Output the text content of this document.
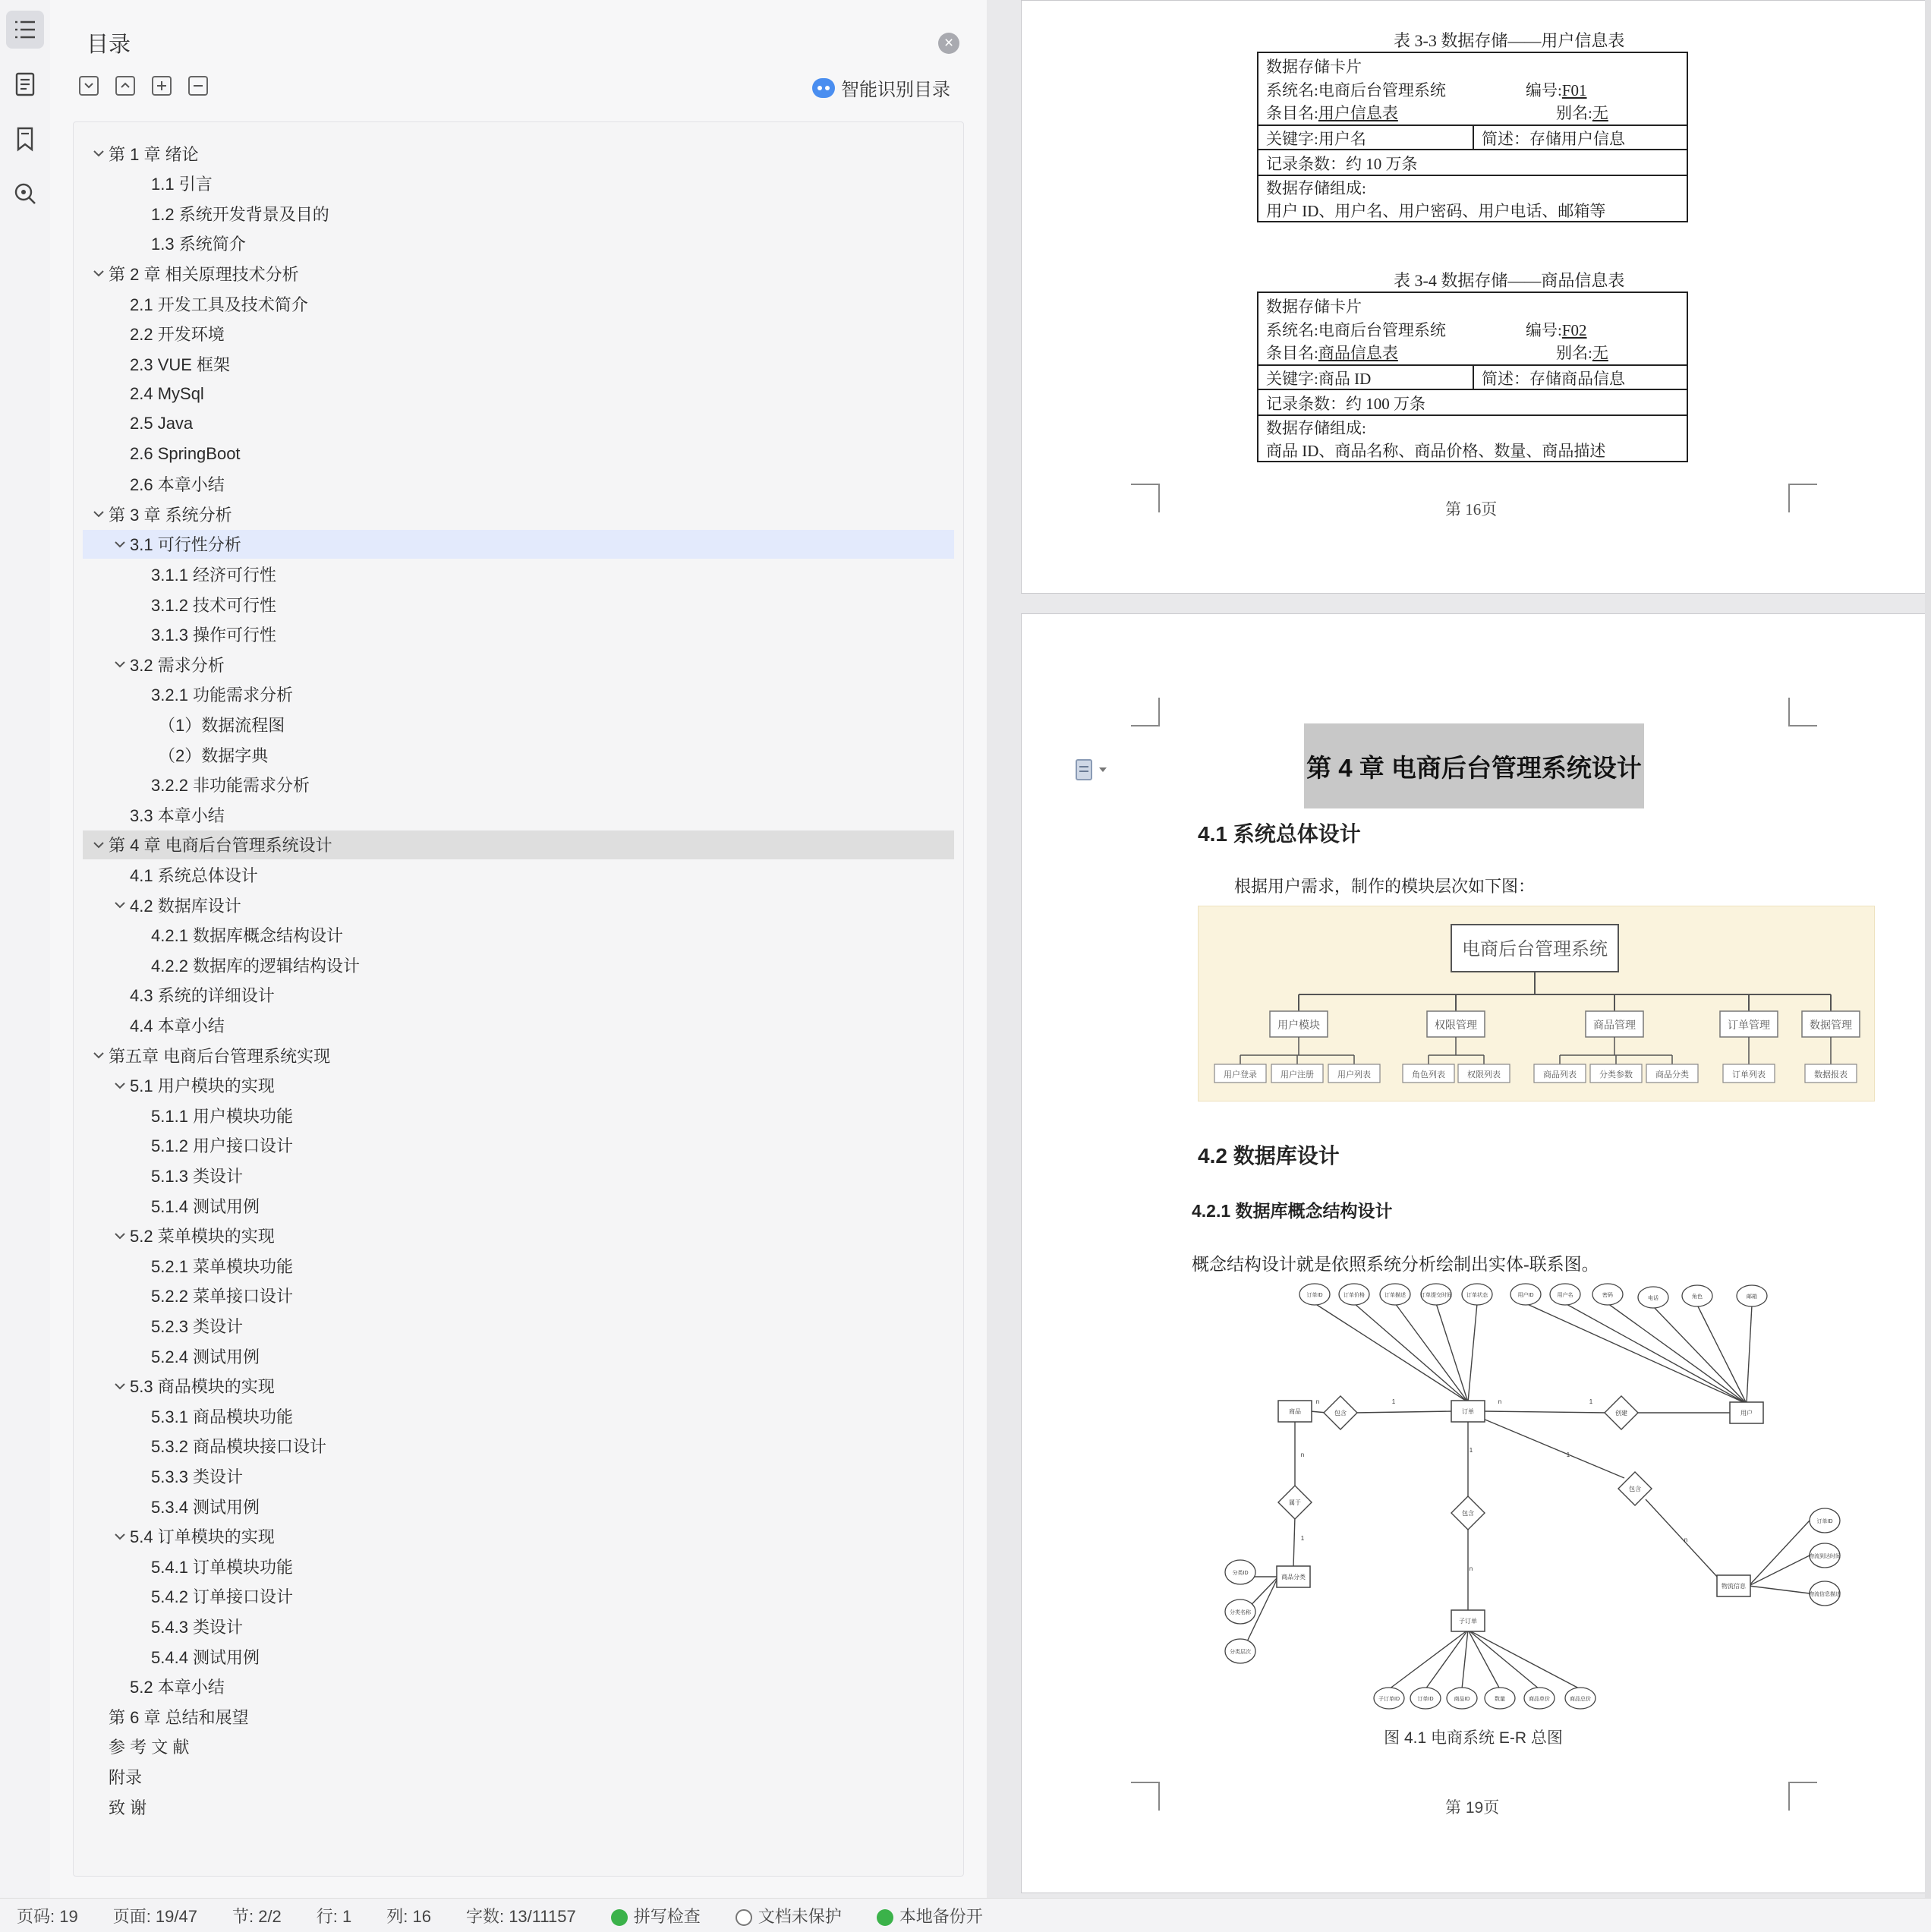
目录	×
智能识别目录
第 1 章 绪论
1.1 引言
1.2 系统开发背景及目的
1.3 系统简介
第 2 章 相关原理技术分析
2.1 开发工具及技术简介
2.2 开发环境
2.3 VUE 框架
2.4 MySql
2.5 Java
2.6 SpringBoot
2.6 本章小结
第 3 章 系统分析
3.1 可行性分析
3.1.1 经济可行性
3.1.2 技术可行性
3.1.3 操作可行性
3.2 需求分析
3.2.1 功能需求分析
（1）数据流程图
（2）数据字典
3.2.2 非功能需求分析
3.3 本章小结
第 4 章 电商后台管理系统设计
4.1 系统总体设计
4.2 数据库设计
4.2.1 数据库概念结构设计
4.2.2 数据库的逻辑结构设计
4.3 系统的详细设计
4.4 本章小结
第五章 电商后台管理系统实现
5.1 用户模块的实现
5.1.1 用户模块功能
5.1.2 用户接口设计
5.1.3 类设计
5.1.4 测试用例
5.2 菜单模块的实现
5.2.1 菜单模块功能
5.2.2 菜单接口设计
5.2.3 类设计
5.2.4 测试用例
5.3 商品模块的实现
5.3.1 商品模块功能
5.3.2 商品模块接口设计
5.3.3 类设计
5.3.4 测试用例
5.4 订单模块的实现
5.4.1 订单模块功能
5.4.2 订单接口设计
5.4.3 类设计
5.4.4 测试用例
5.2 本章小结
第 6 章 总结和展望
参 考 文 献
附录
致 谢
表 3-3 数据存储——用户信息表
数据存储卡片
系统名:电商后台管理系统	编号:F01
条目名:用户信息表	别名:无
关键字:用户名	简述：存储用户信息
记录条数：约 10 万条
数据存储组成:
用户 ID、用户名、用户密码、用户电话、邮箱等
表 3-4 数据存储——商品信息表
数据存储卡片
系统名:电商后台管理系统	编号:F02
条目名:商品信息表	别名:无
关键字:商品 ID	简述：存储商品信息
记录条数：约 100 万条
数据存储组成:
商品 ID、商品名称、商品价格、数量、商品描述
第 16页
第 4 章 电商后台管理系统设计
4.1 系统总体设计
根据用户需求，制作的模块层次如下图：
电商后台管理系统
用户模块
用户登录	用户注册	用户列表
权限管理
角色列表	权限列表
商品管理
商品列表	分类参数	商品分类
订单管理
订单列表
数据管理
数据报表
4.2 数据库设计
4.2.1 数据库概念结构设计
概念结构设计就是依照系统分析绘制出实体-联系图。
订单ID	订单价格	订单描述	订单提交时间	订单状态	用户ID	用户名	密码
电话	角色	邮箱
分类ID
分类名称
分类层次
子订单ID	订单ID	商品ID	数量	商品单价	商品总价
订单ID
物流到达时间
物流信息描述
包含	创建
属于
包含
包含
商品	订单	用户
商品分类
子订单
物流信息
n	1	n	1
n
1
1
n
1
n
图 4.1 电商系统 E-R 总图
第 19页
页码: 19 页面: 19/47 节: 2/2 行: 1 列: 16 字数: 13/11157	拼写检查	文档未保护	本地备份开
